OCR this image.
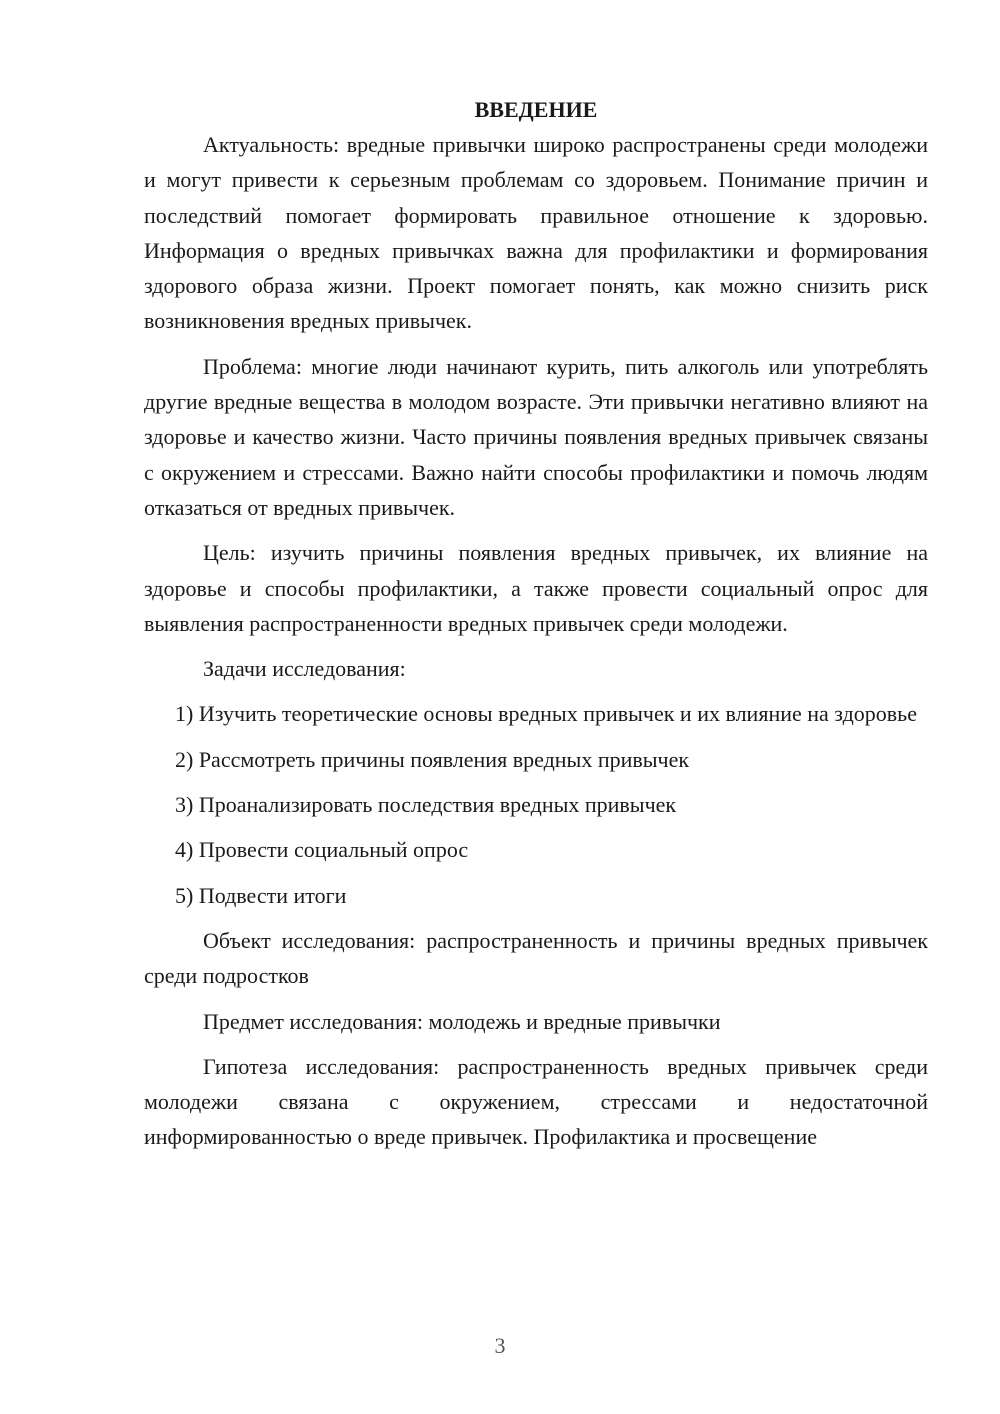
ВВЕДЕНИЕ

Актуальность: вредные привычки широко распространены среди молодежи и могут привести к серьезным проблемам со здоровьем. Понимание причин и последствий помогает формировать правильное отношение к здоровью. Информация о вредных привычках важна для профилактики и формирования здорового образа жизни. Проект помогает понять, как можно снизить риск возникновения вредных привычек.

Проблема: многие люди начинают курить, пить алкоголь или употреблять другие вредные вещества в молодом возрасте. Эти привычки негативно влияют на здоровье и качество жизни. Часто причины появления вредных привычек связаны с окружением и стрессами. Важно найти способы профилактики и помочь людям отказаться от вредных привычек.

Цель: изучить причины появления вредных привычек, их влияние на здоровье и способы профилактики, а также провести социальный опрос для выявления распространенности вредных привычек среди молодежи.

Задачи исследования:

1) Изучить теоретические основы вредных привычек и их влияние на здоровье

2) Рассмотреть причины появления вредных привычек

3) Проанализировать последствия вредных привычек

4) Провести социальный опрос

5) Подвести итоги

Объект исследования: распространенность и причины вредных привычек среди подростков

Предмет исследования: молодежь и вредные привычки

Гипотеза исследования: распространенность вредных привычек среди молодежи связана с окружением, стрессами и недостаточной информированностью о вреде привычек. Профилактика и просвещение

3
